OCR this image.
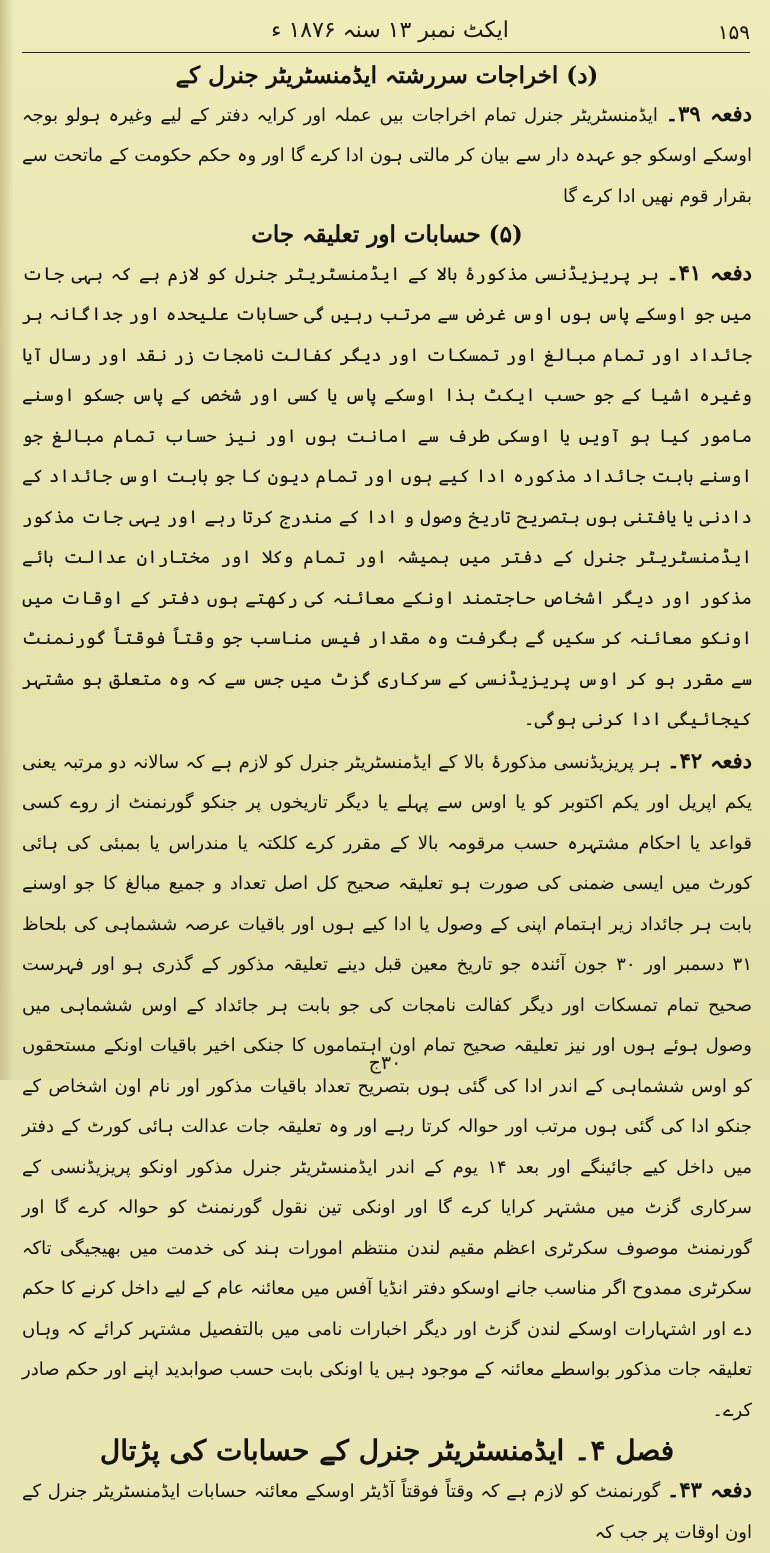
ایکٹ نمبر ۱۳ سنہ ۱۸۷۶ ء	۱۵۹

(د) اخراجات سررشتہ ایڈمنسٹریٹر جنرل کے

دفعہ ۳۹۔ ایڈمنسٹریٹر جنرل تمام اخراجات بیں عملہ اور کرایہ دفتر کے لیے وغیرہ ہولو بوجہ اوسکے اوسکو جو عہدہ دار سے بیان کر مالتی ہون ادا کرے گا اور وہ حکم حکومت کے ماتحت سے بقرار قوم نهیں ادا کرے گا

(۵) حسابات اور تعلیقہ جات

دفعہ ۴۱۔ ہر پریزیڈنسی مذکورۂ بالا کے ایڈمنسٹریٹر جنرل کو لازم ہے کہ بہی جات میں جو اوسکے پاس ہوں اوس غرض سے مرتب رہیں گی حسابات علیحدہ اور جداگانہ ہر جائداد اور تمام مبالغ اور تمسکات اور دیگر کفالت نامجات زر نقد اور رسال آیا وغیرہ اشیا کے جو حسب ایکٹ ہذا اوسکے پاس یا کسی اور شخص کے پاس جسکو اوسنے مامور کیا ہو آویں یا اوسکی طرف سے امانت ہوں اور نیز حساب تمام مبالغ جو اوسنے بابت جائداد مذکورہ ادا کیے ہوں اور تمام دیون کا جو بابت اوس جائداد کے دادنی یا یافتنی ہوں بتصریح تاریخ وصول و ادا کے مندرج کرتا رہے اور یہی جات مذکور ایڈمنسٹریٹر جنرل کے دفتر میں ہمیشہ اور تمام وکلا اور مختاران عدالت ہائے مذکور اور دیگر اشخاص حاجتمند اونکے معائنہ کی رکھتے ہوں دفتر کے اوقات میں اونکو معائنہ کر سکیں گے بگرفت وہ مقدار فیس مناسب جو وقتاً فوقتاً گورنمنٹ سے مقرر ہو کر اوس پریزیڈنسی کے سرکاری گزٹ میں جس سے کہ وہ متعلق ہو مشتہر کیجائیگی ادا کرنی ہوگی۔

دفعہ ۴۲۔ ہر پریزیڈنسی مذکورۂ بالا کے ایڈمنسٹریٹر جنرل کو لازم ہے کہ سالانہ دو مرتبہ یعنی یکم اپریل اور یکم اکتوبر کو یا اوس سے پہلے یا دیگر تاریخوں پر جنکو گورنمنٹ از روے کسی قواعد یا احکام مشتہرہ حسب مرقومہ بالا کے مقرر کرے کلکتہ یا مندراس یا بمبئی کی ہائی کورٹ میں ایسی ضمنی کی صورت ہو تعلیقہ صحیح کل اصل تعداد و جمیع مبالغ کا جو اوسنے بابت ہر جائداد زیر اہتمام اپنی کے وصول یا ادا کیے ہوں اور باقیات عرصہ ششماہی کی بلحاظ ۳۱ دسمبر اور ۳۰ جون آئندہ جو تاریخ معین قبل دینے تعلیقہ مذکور کے گذری ہو اور فہرست صحیح تمام تمسکات اور دیگر کفالت نامجات کی جو بابت ہر جائداد کے اوس ششماہی میں وصول ہوئے ہوں اور نیز تعلیقہ صحیح تمام اون اہتماموں کا جنکی اخیر باقیات اونکے مستحقوں کو اوس ششماہی کے اندر ادا کی گئی ہوں بتصریح تعداد باقیات مذکور اور نام اون اشخاص کے جنکو ادا کی گئی ہوں مرتب اور حوالہ کرتا رہے اور وہ تعلیقہ جات عدالت ہائی کورٹ کے دفتر میں داخل کیے جائینگے اور بعد ۱۴ یوم کے اندر ایڈمنسٹریٹر جنرل مذکور اونکو پریزیڈنسی کے سرکاری گزٹ میں مشتہر کرایا کرے گا اور اونکی تین نقول گورنمنٹ کو حوالہ کرے گا اور گورنمنٹ موصوف سکرٹری اعظم مقیم لندن منتظم امورات ہند کی خدمت میں بھیجیگی تاکہ سکرٹری ممدوح اگر مناسب جانے اوسکو دفتر انڈیا آفس میں معائنہ عام کے لیے داخل کرنے کا حکم دے اور اشتہارات اوسکے لندن گزٹ اور دیگر اخبارات نامی میں بالتفصیل مشتہر کرائے کہ وہاں تعلیقہ جات مذکور بواسطے معائنہ کے موجود ہیں یا اونکی بابت حسب صوابدید اپنے اور حکم صادر کرے۔

فصل ۴۔ ایڈمنسٹریٹر جنرل کے حسابات کی پڑتال

دفعہ ۴۳۔ گورنمنٹ کو لازم ہے کہ وقتاً فوقتاً آڈیٹر اوسکے معائنہ حسابات ایڈمنسٹریٹر جنرل کے اون اوقات پر جب کہ

۳۰ج
